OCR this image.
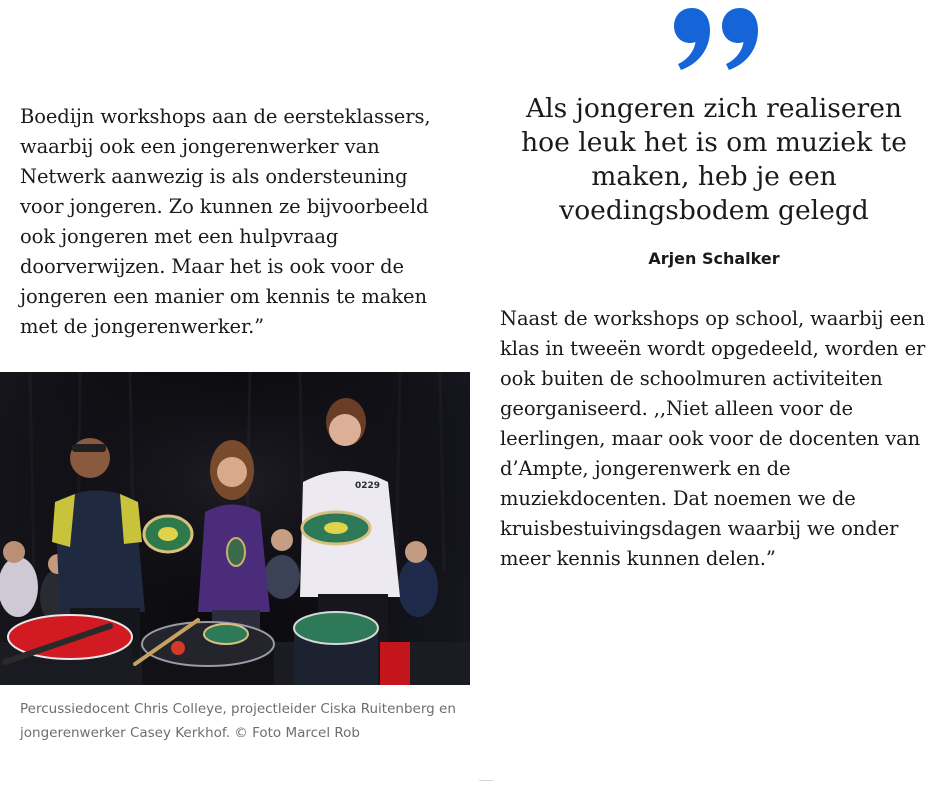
Boedijn workshops aan de eersteklassers, waarbij ook een jongerenwerker van Netwerk aanwezig is als ondersteuning voor jongeren. Zo kunnen ze bijvoorbeeld ook jongeren met een hulpvraag doorverwijzen. Maar het is ook voor de jongeren een manier om kennis te maken met de jongerenwerker.”

0229

Percussiedocent Chris Colleye, projectleider Ciska Ruitenberg en jongerenwerker Casey Kerkhof. © Foto Marcel Rob

Als jongeren zich realiseren hoe leuk het is om muziek te maken, heb je een voedingsbodem gelegd

Arjen Schalker

Naast de workshops op school, waarbij een klas in tweeën wordt opgedeeld, worden er ook buiten de schoolmuren activiteiten georganiseerd. ,,Niet alleen voor de leerlingen, maar ook voor de docenten van d’Ampte, jongerenwerk en de muziekdocenten. Dat noemen we de kruisbestuivingsdagen waarbij we onder meer kennis kunnen delen.”
